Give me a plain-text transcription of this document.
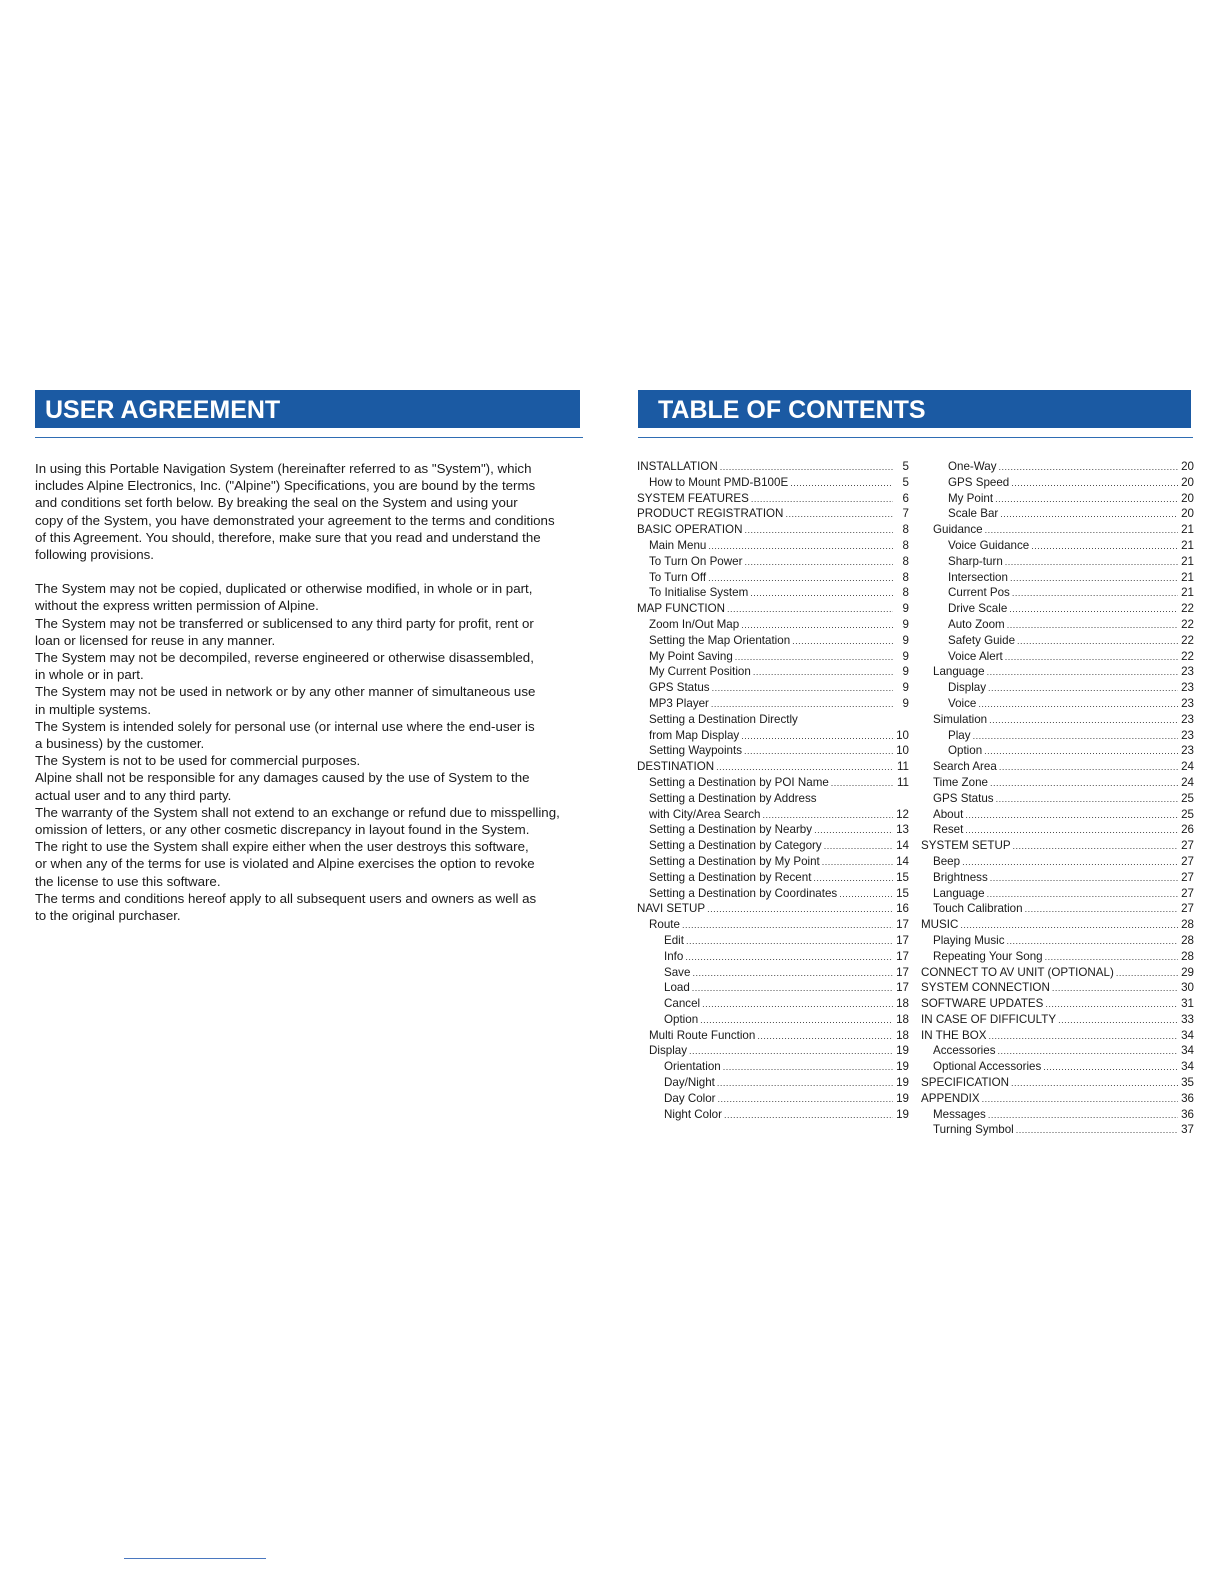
USER AGREEMENT

In using this Portable Navigation System (hereinafter referred to as "System"), which

includes Alpine Electronics, Inc. ("Alpine") Specifications, you are bound by the terms

and conditions set forth below. By breaking the seal on the System and using your

copy of the System, you have demonstrated your agreement to the terms and conditions

of this Agreement. You should, therefore, make sure that you read and understand the

following provisions.

The System may not be copied, duplicated or otherwise modified, in whole or in part,

without the express written permission of Alpine.

The System may not be transferred or sublicensed to any third party for profit, rent or

loan or licensed for reuse in any manner.

The System may not be decompiled, reverse engineered or otherwise disassembled,

in whole or in part.

The System may not be used in network or by any other manner of simultaneous use

in multiple systems.

The System is intended solely for personal use (or internal use where the end-user is

a business) by the customer.

The System is not to be used for commercial purposes.

Alpine shall not be responsible for any damages caused by the use of System to the

actual user and to any third party.

The warranty of the System shall not extend to an exchange or refund due to misspelling,

omission of letters, or any other cosmetic discrepancy in layout found in the System.

The right to use the System shall expire either when the user destroys this software,

or when any of the terms for use is violated and Alpine exercises the option to revoke

the license to use this software.

The terms and conditions hereof apply to all subsequent users and owners as well as

to the original purchaser.

TABLE OF CONTENTS
INSTALLATION .....	5
How to Mount PMD-B100E .....	5
SYSTEM FEATURES .....	6
PRODUCT REGISTRATION .....	7
BASIC OPERATION .....	8
Main Menu .....	8
To Turn On Power .....	8
To Turn Off .....	8
To Initialise System .....	8
MAP FUNCTION .....	9
Zoom In/Out Map .....	9
Setting the Map Orientation .....	9
My Point Saving .....	9
My Current Position .....	9
GPS Status .....	9
MP3 Player .....	9
Setting a Destination Directly
from Map Display .....	10
Setting Waypoints .....	10
DESTINATION .....	11
Setting a Destination by POI Name .....	11
Setting a Destination by Address
with City/Area Search .....	12
Setting a Destination by Nearby .....	13
Setting a Destination by Category .....	14
Setting a Destination by My Point .....	14
Setting a Destination by Recent .....	15
Setting a Destination by Coordinates .....	15
NAVI SETUP .....	16
Route .....	17
Edit .....	17
Info .....	17
Save .....	17
Load .....	17
Cancel .....	18
Option .....	18
Multi Route Function .....	18
Display .....	19
Orientation .....	19
Day/Night .....	19
Day Color .....	19
Night Color .....	19
One-Way .....	20
GPS Speed .....	20
My Point .....	20
Scale Bar .....	20
Guidance .....	21
Voice Guidance .....	21
Sharp-turn .....	21
Intersection .....	21
Current Pos .....	21
Drive Scale .....	22
Auto Zoom .....	22
Safety Guide .....	22
Voice Alert .....	22
Language .....	23
Display .....	23
Voice .....	23
Simulation .....	23
Play .....	23
Option .....	23
Search Area .....	24
Time Zone .....	24
GPS Status .....	25
About .....	25
Reset .....	26
SYSTEM SETUP .....	27
Beep .....	27
Brightness .....	27
Language .....	27
Touch Calibration .....	27
MUSIC .....	28
Playing Music .....	28
Repeating Your Song .....	28
CONNECT TO AV UNIT (OPTIONAL) .....	29
SYSTEM CONNECTION .....	30
SOFTWARE UPDATES .....	31
IN CASE OF DIFFICULTY .....	33
IN THE BOX .....	34
Accessories .....	34
Optional Accessories .....	34
SPECIFICATION .....	35
APPENDIX .....	36
Messages .....	36
Turning Symbol .....	37
